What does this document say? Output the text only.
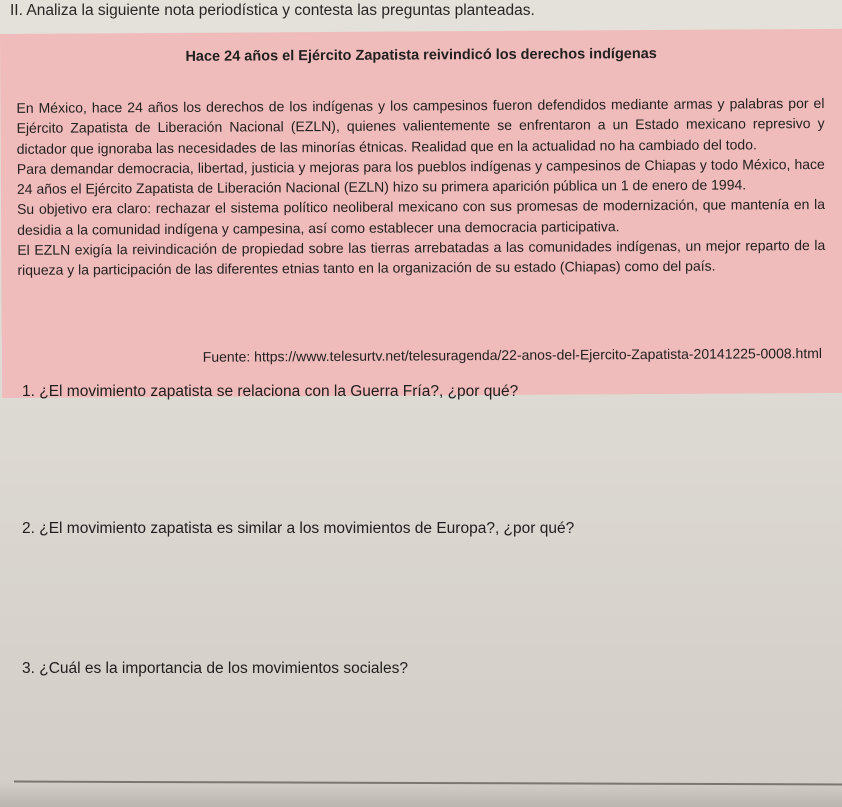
II. Analiza la siguiente nota periodística y contesta las preguntas planteadas.
Hace 24 años el Ejército Zapatista reivindicó los derechos indígenas

En México, hace 24 años los derechos de los indígenas y los campesinos fueron defendidos mediante armas y palabras por el Ejército Zapatista de Liberación Nacional (EZLN), quienes valientemente se enfrentaron a un Estado mexicano represivo y dictador que ignoraba las necesidades de las minorías étnicas. Realidad que en la actualidad no ha cambiado del todo.

Para demandar democracia, libertad, justicia y mejoras para los pueblos indígenas y campesinos de Chiapas y todo México, hace 24 años el Ejército Zapatista de Liberación Nacional (EZLN) hizo su primera aparición pública un 1 de enero de 1994.

Su objetivo era claro: rechazar el sistema político neoliberal mexicano con sus promesas de modernización, que mantenía en la desidia a la comunidad indígena y campesina, así como establecer una democracia participativa.

El EZLN exigía la reivindicación de propiedad sobre las tierras arrebatadas a las comunidades indígenas, un mejor reparto de la riqueza y la participación de las diferentes etnias tanto en la organización de su estado (Chiapas) como del país.

Fuente: https://www.telesurtv.net/telesuragenda/22-anos-del-Ejercito-Zapatista-20141225-0008.html

1. ¿El movimiento zapatista se relaciona con la Guerra Fría?, ¿por qué?

2. ¿El movimiento zapatista es similar a los movimientos de Europa?, ¿por qué?

3. ¿Cuál es la importancia de los movimientos sociales?
